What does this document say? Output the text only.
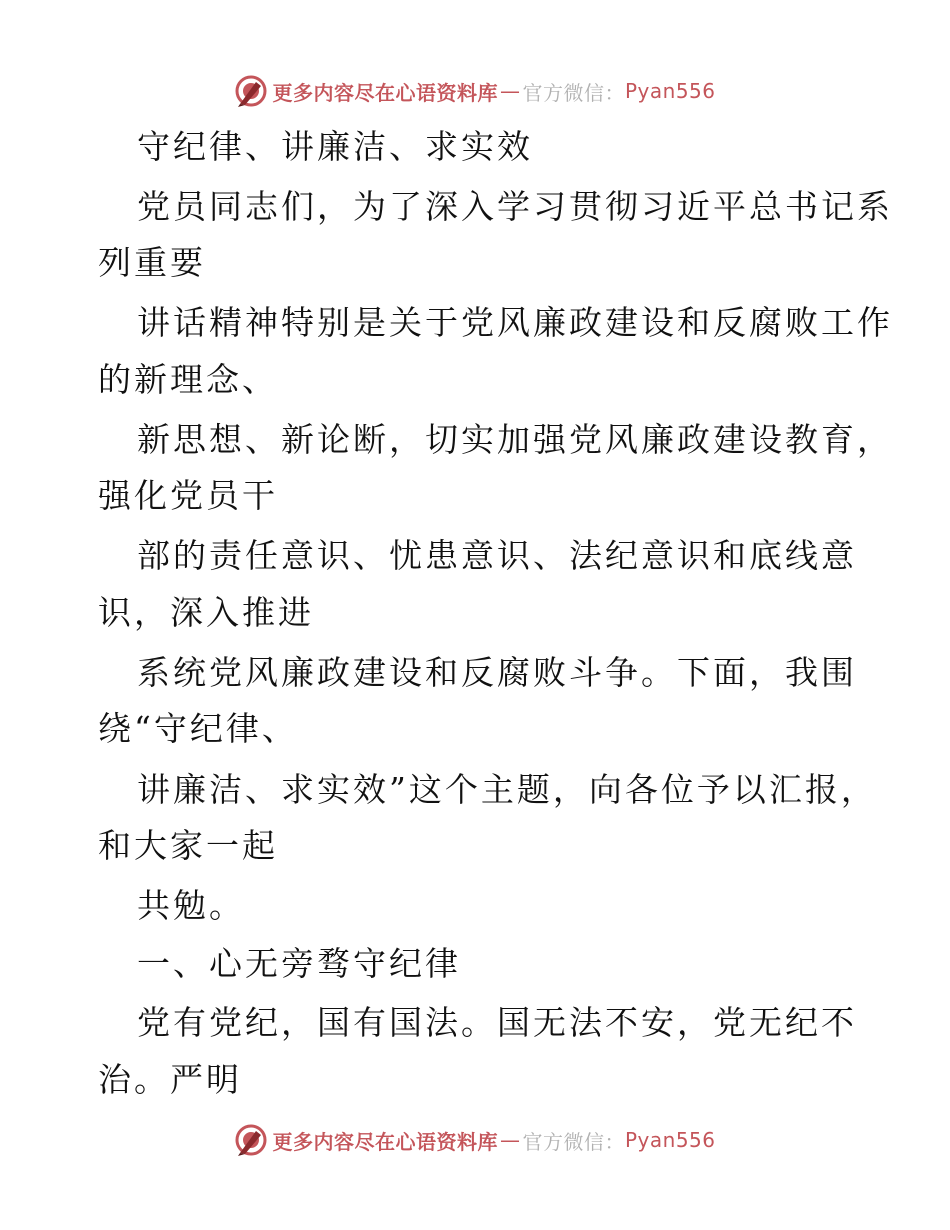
更多内容尽在心语资料库 — 官方微信： Pyan556

守纪律、讲廉洁、求实效

党员同志们，为了深入学习贯彻习近平总书记系

列重要

讲话精神特别是关于党风廉政建设和反腐败工作

的新理念、

新思想、新论断，切实加强党风廉政建设教育，

强化党员干

部的责任意识、忧患意识、法纪意识和底线意

识，深入推进

系统党风廉政建设和反腐败斗争。下面，我围

绕“守纪律、

讲廉洁、求实效”这个主题，向各位予以汇报，

和大家一起

共勉。

一、心无旁骛守纪律

党有党纪，国有国法。国无法不安，党无纪不

治。严明

更多内容尽在心语资料库 — 官方微信： Pyan556
